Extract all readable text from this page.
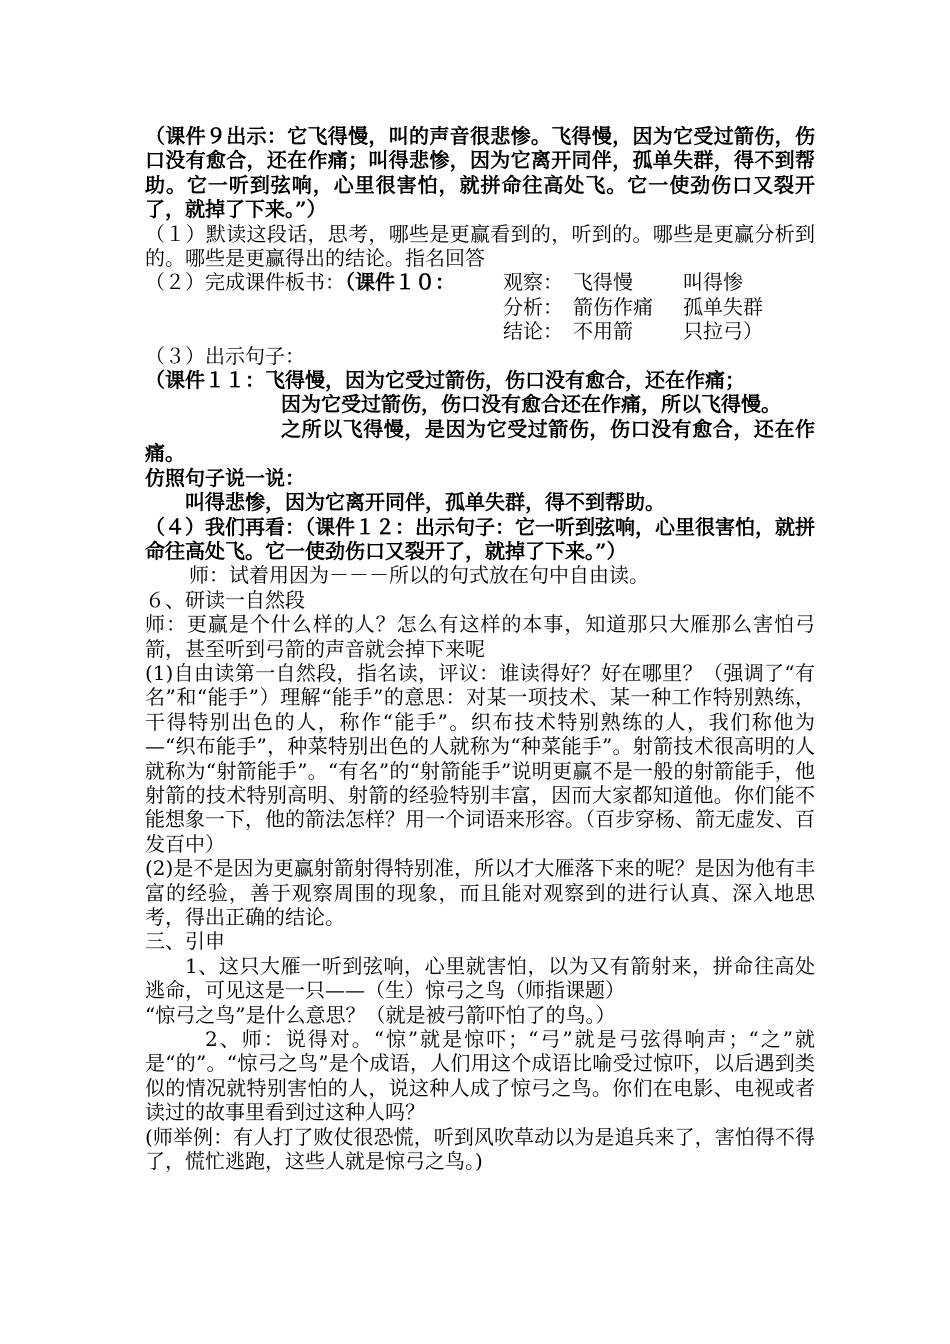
（课件９出示：它飞得慢，叫的声音很悲惨。飞得慢，因为它受过箭伤，伤口没有愈合，还在作痛；叫得悲惨，因为它离开同伴，孤单失群，得不到帮助。它一听到弦响，心里很害怕，就拼命往高处飞。它一使劲伤口又裂开了，就掉了下来。”）

（１）默读这段话，思考，哪些是更赢看到的，听到的。哪些是更赢分析到的。哪些是更赢得出的结论。指名回答

（２）完成课件板书：（课件１０：	观察： 飞得慢	叫得惨
分析： 箭伤作痛	孤单失群
结论： 不用箭	只拉弓）

（３）出示句子：

（课件１１：飞得慢，因为它受过箭伤，伤口没有愈合，还在作痛；

因为它受过箭伤，伤口没有愈合还在作痛，所以飞得慢。

之所以飞得慢，是因为它受过箭伤，伤口没有愈合，还在作痛。

仿照句子说一说：

叫得悲惨，因为它离开同伴，孤单失群，得不到帮助。

（４）我们再看：（课件１２：出示句子：它一听到弦响，心里很害怕，就拼命往高处飞。它一使劲伤口又裂开了，就掉了下来。”）

师：试着用因为－－－所以的句式放在句中自由读。

６、研读一自然段

师：更赢是个什么样的人？怎么有这样的本事，知道那只大雁那么害怕弓箭，甚至听到弓箭的声音就会掉下来呢

(1)自由读第一自然段，指名读，评议：谁读得好？好在哪里？（强调了“有名”和“能手”）理解“能手”的意思：对某一项技术、某一种工作特别熟练，干得特别出色的人，称作“能手”。织布技术特别熟练的人，我们称他为—“织布能手”，种菜特别出色的人就称为“种菜能手”。射箭技术很高明的人就称为“射箭能手”。“有名”的“射箭能手”说明更赢不是一般的射箭能手，他射箭的技术特别高明、射箭的经验特别丰富，因而大家都知道他。你们能不能想象一下，他的箭法怎样？用一个词语来形容。（百步穿杨、箭无虚发、百发百中）

(2)是不是因为更赢射箭射得特别准，所以才大雁落下来的呢？是因为他有丰富的经验，善于观察周围的现象，而且能对观察到的进行认真、深入地思考，得出正确的结论。

三、引申

1、这只大雁一听到弦响，心里就害怕，以为又有箭射来，拼命往高处逃命，可见这是一只——（生）惊弓之鸟（师指课题）

“惊弓之鸟”是什么意思？（就是被弓箭吓怕了的鸟。）

2、师：说得对。“惊”就是惊吓；“弓”就是弓弦得响声；“之”就是“的”。“惊弓之鸟”是个成语，人们用这个成语比喻受过惊吓，以后遇到类似的情况就特别害怕的人，说这种人成了惊弓之鸟。你们在电影、电视或者读过的故事里看到过这种人吗？

(师举例：有人打了败仗很恐慌，听到风吹草动以为是追兵来了，害怕得不得了，慌忙逃跑，这些人就是惊弓之鸟。)
